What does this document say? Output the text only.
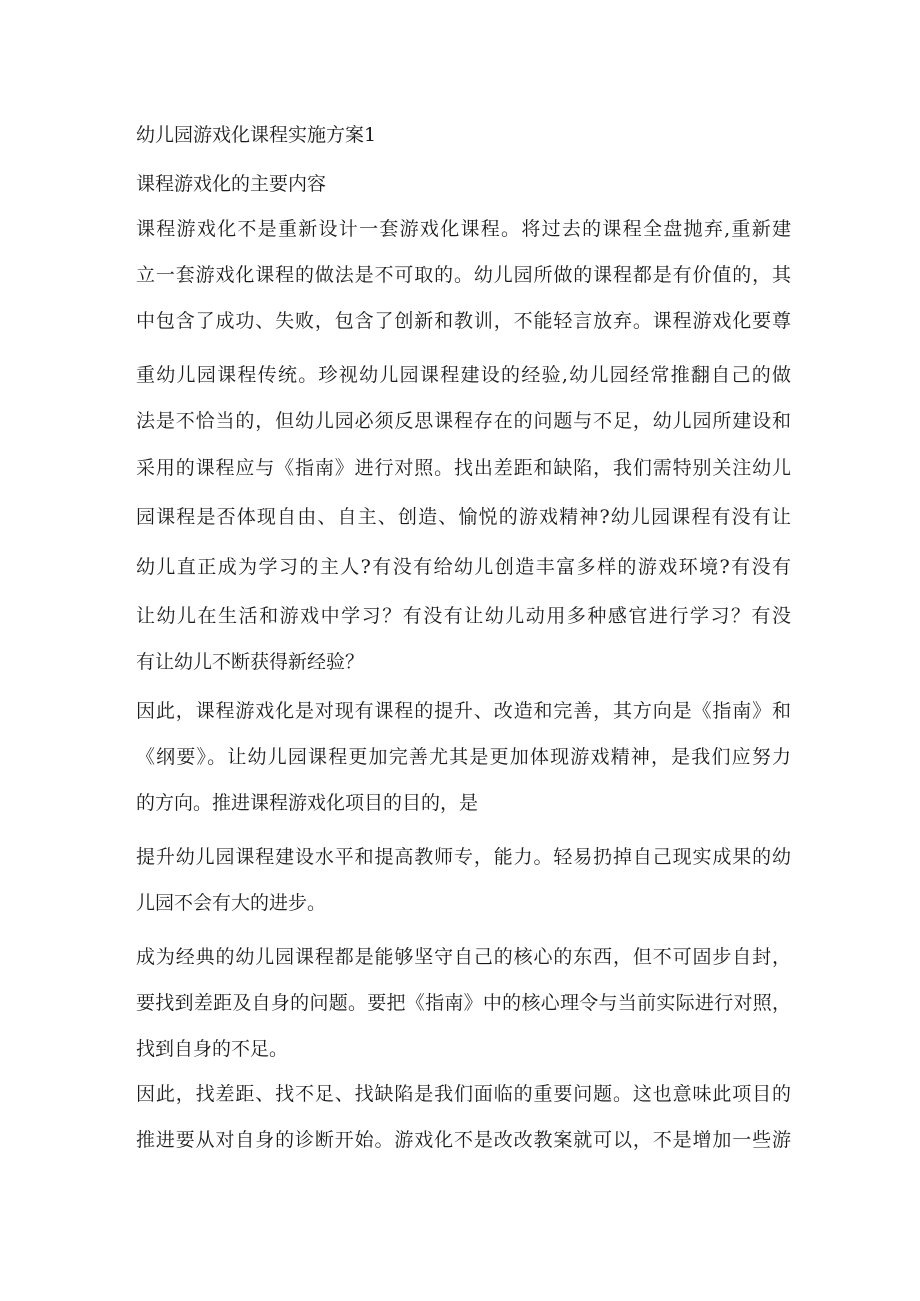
幼儿园游戏化课程实施方案1

课程游戏化的主要内容

课程游戏化不是重新设计一套游戏化课程。将过去的课程全盘抛弃,重新建

立一套游戏化课程的做法是不可取的。幼儿园所做的课程都是有价值的，其

中包含了成功、失败，包含了创新和教训，不能轻言放弃。课程游戏化要尊

重幼儿园课程传统。珍视幼儿园课程建设的经验,幼儿园经常推翻自己的做

法是不恰当的，但幼儿园必须反思课程存在的问题与不足，幼儿园所建设和

采用的课程应与《指南》进行对照。找出差距和缺陷，我们需特别关注幼儿

园课程是否体现自由、自主、创造、愉悦的游戏精神?幼儿园课程有没有让

幼儿直正成为学习的主人?有没有给幼儿创造丰富多样的游戏环境?有没有

让幼儿在生活和游戏中学习？有没有让幼儿动用多种感官进行学习？有没

有让幼儿不断获得新经验？

因此，课程游戏化是对现有课程的提升、改造和完善，其方向是《指南》和

《纲要》。让幼儿园课程更加完善尤其是更加体现游戏精神，是我们应努力

的方向。推进课程游戏化项目的目的，是

提升幼儿园课程建设水平和提高教师专，能力。轻易扔掉自己现实成果的幼

儿园不会有大的进步。

成为经典的幼儿园课程都是能够坚守自己的核心的东西，但不可固步自封，

要找到差距及自身的问题。要把《指南》中的核心理令与当前实际进行对照，

找到自身的不足。

因此，找差距、找不足、找缺陷是我们面临的重要问题。这也意味此项目的

推进要从对自身的诊断开始。游戏化不是改改教案就可以，不是增加一些游
